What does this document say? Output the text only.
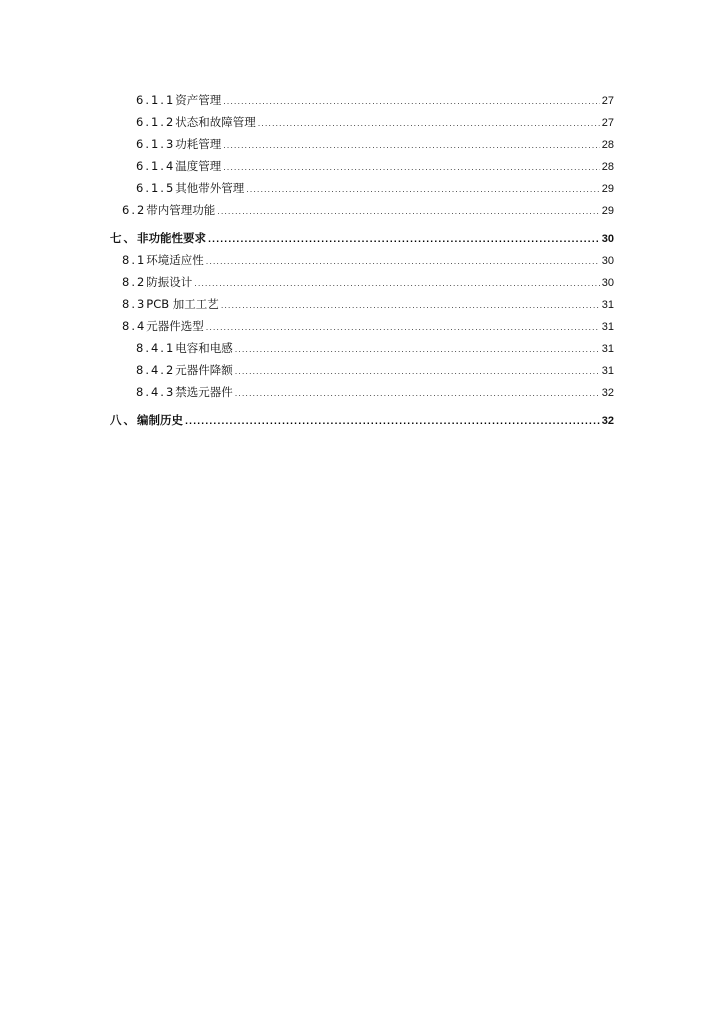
6.1.1 资产管理 .....	27
6.1.2 状态和故障管理 .....	27
6.1.3 功耗管理 .....	28
6.1.4 温度管理 .....	28
6.1.5 其他带外管理 .....	29
6.2 带内管理功能 .....	29
七、 非功能性要求 .....	30
8.1 环境适应性 .....	30
8.2 防振设计 .....	30
8.3 PCB 加工工艺 .....	31
8.4 元器件选型 .....	31
8.4.1 电容和电感 .....	31
8.4.2 元器件降额 .....	31
8.4.3 禁选元器件 .....	32
八、 编制历史 .....	32
